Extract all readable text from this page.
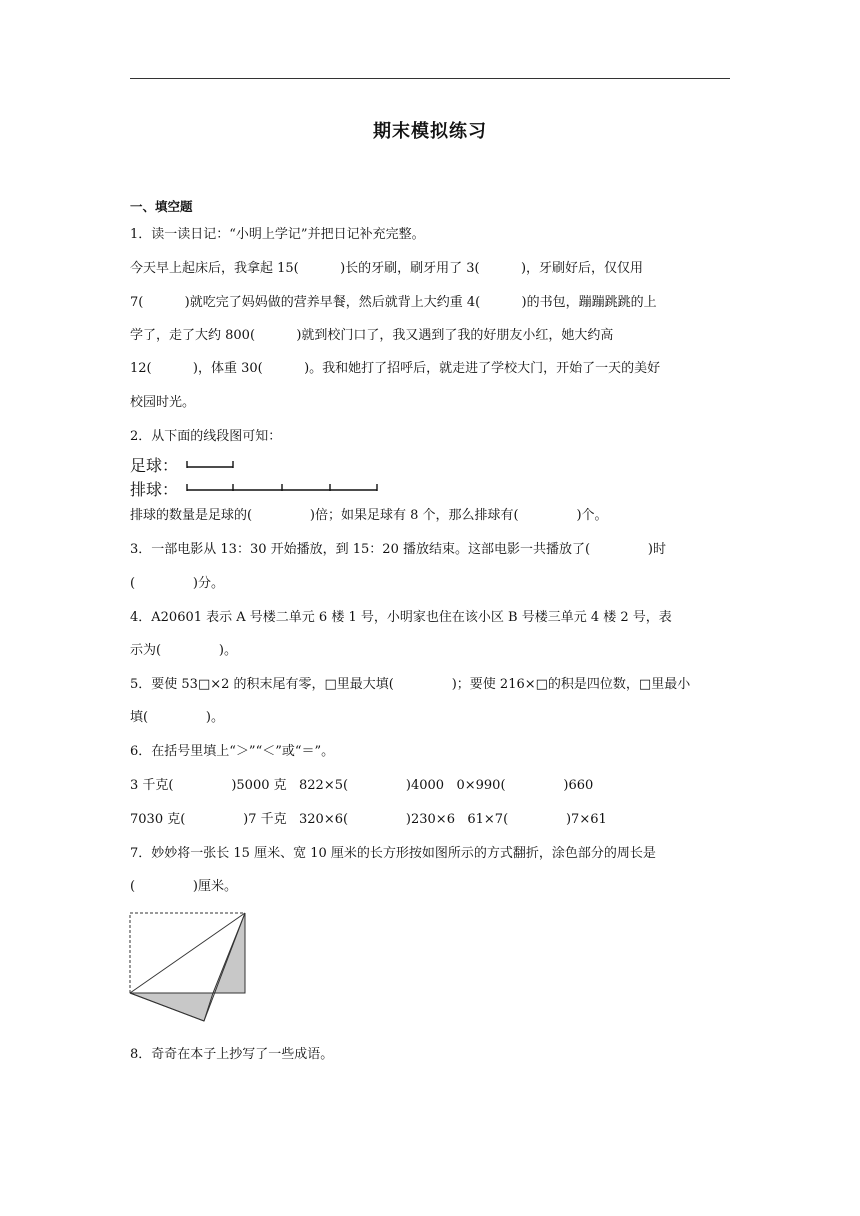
期末模拟练习
一、填空题
1．读一读日记：“小明上学记”并把日记补充完整。
今天早上起床后，我拿起 15(          )长的牙刷，刷牙用了 3(          )，牙刷好后，仅仅用
7(          )就吃完了妈妈做的营养早餐，然后就背上大约重 4(          )的书包，蹦蹦跳跳的上
学了，走了大约 800(          )就到校门口了，我又遇到了我的好朋友小红，她大约高
12(          )，体重 30(          )。我和她打了招呼后，就走进了学校大门，开始了一天的美好
校园时光。
2．从下面的线段图可知：
足球：
排球：
排球的数量是足球的(              )倍；如果足球有 8 个，那么排球有(              )个。
3．一部电影从 13：30 开始播放，到 15：20 播放结束。这部电影一共播放了(              )时
(              )分。
4．A20601 表示 A 号楼二单元 6 楼 1 号，小明家也住在该小区 B 号楼三单元 4 楼 2 号，表
示为(              )。
5．要使 53□×2 的积末尾有零，□里最大填(              )；要使 216×□的积是四位数，□里最小
填(              )。
6．在括号里填上“＞”“＜”或“＝”。
3 千克(              )5000 克   822×5(              )4000   0×990(              )660
7030 克(              )7 千克   320×6(              )230×6   61×7(              )7×61
7．妙妙将一张长 15 厘米、宽 10 厘米的长方形按如图所示的方式翻折，涂色部分的周长是
(              )厘米。
8．奇奇在本子上抄写了一些成语。
